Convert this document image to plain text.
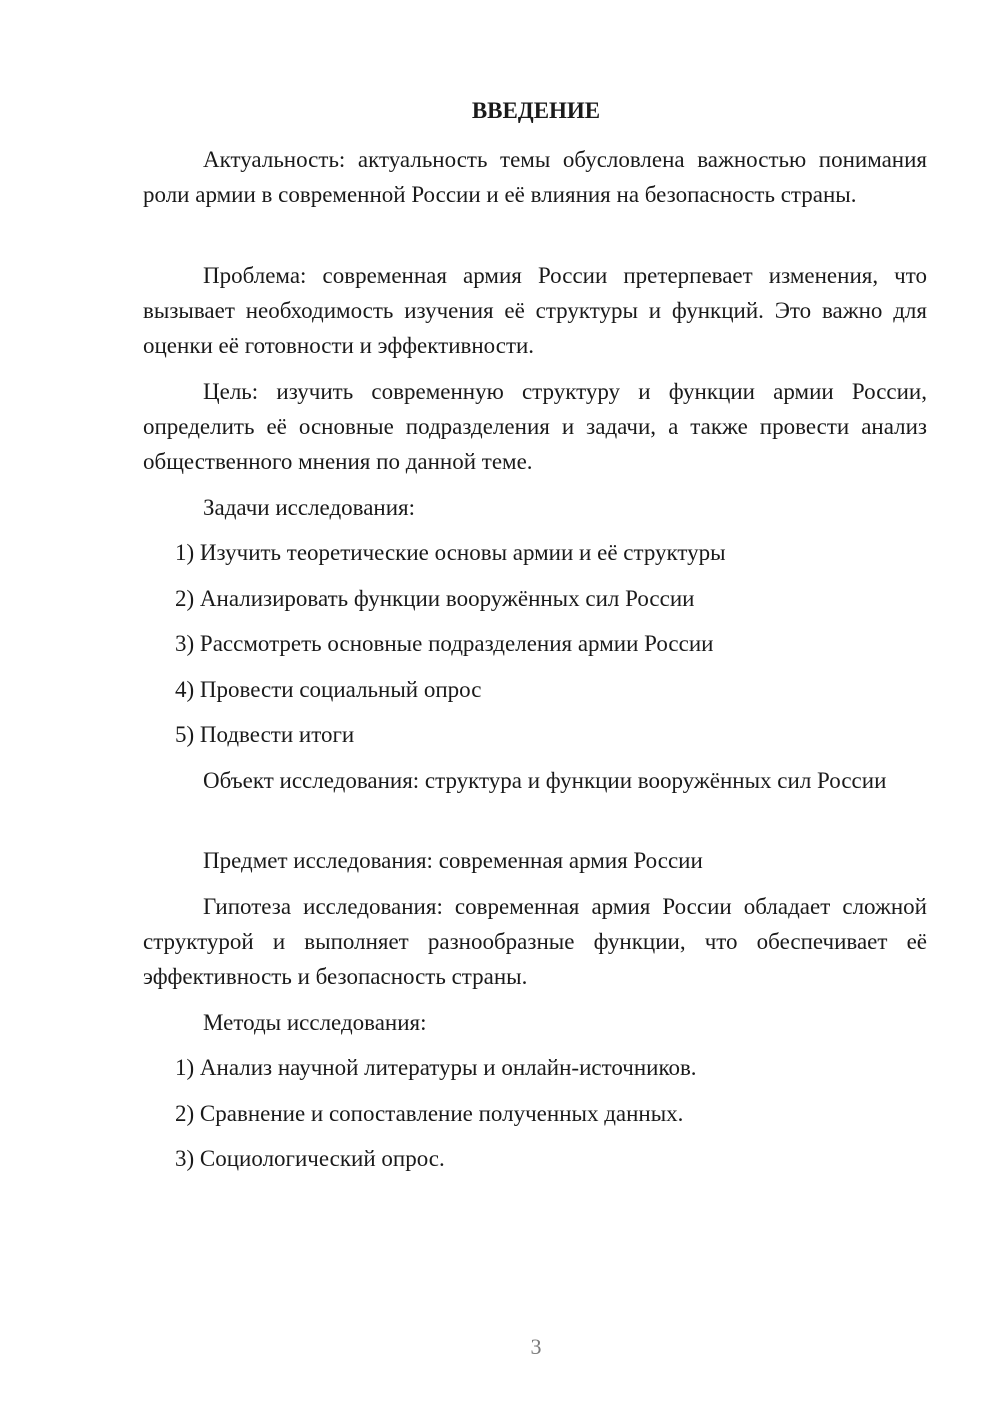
ВВЕДЕНИЕ

Актуальность: актуальность темы обусловлена важностью понимания роли армии в современной России и её влияния на безопасность страны.

Проблема: современная армия России претерпевает изменения, что вызывает необходимость изучения её структуры и функций. Это важно для оценки её готовности и эффективности.

Цель: изучить современную структуру и функции армии России, определить её основные подразделения и задачи, а также провести анализ общественного мнения по данной теме.

Задачи исследования:

1) Изучить теоретические основы армии и её структуры

2) Анализировать функции вооружённых сил России

3) Рассмотреть основные подразделения армии России

4) Провести социальный опрос

5) Подвести итоги

Объект исследования: структура и функции вооружённых сил России

Предмет исследования: современная армия России

Гипотеза исследования: современная армия России обладает сложной структурой и выполняет разнообразные функции, что обеспечивает её эффективность и безопасность страны.

Методы исследования:

1) Анализ научной литературы и онлайн-источников.

2) Сравнение и сопоставление полученных данных.

3) Социологический опрос.

3
